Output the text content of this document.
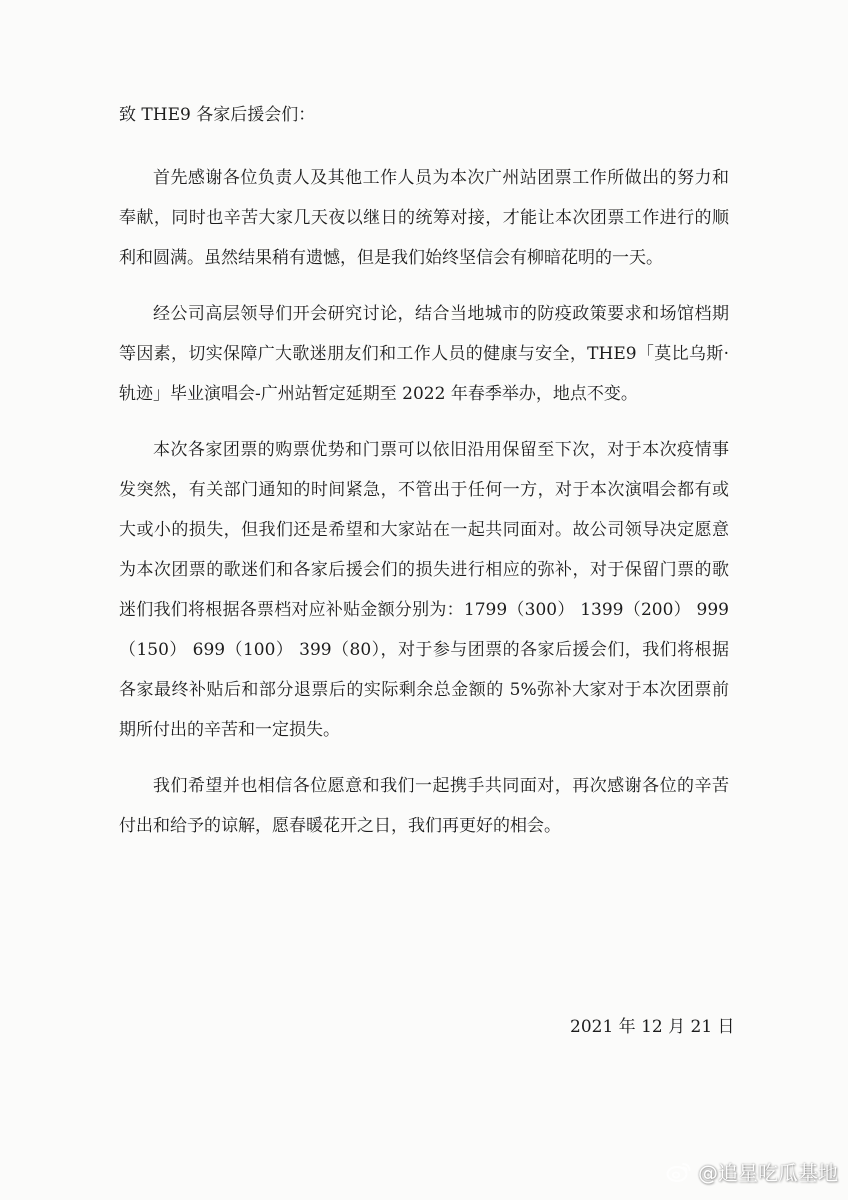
致 THE9 各家后援会们：

首先感谢各位负责人及其他工作人员为本次广州站团票工作所做出的努力和奉献，同时也辛苦大家几天夜以继日的统筹对接，才能让本次团票工作进行的顺利和圆满。虽然结果稍有遗憾，但是我们始终坚信会有柳暗花明的一天。

经公司高层领导们开会研究讨论，结合当地城市的防疫政策要求和场馆档期等因素，切实保障广大歌迷朋友们和工作人员的健康与安全，THE9「莫比乌斯·轨迹」毕业演唱会-广州站暂定延期至 2022 年春季举办，地点不变。

本次各家团票的购票优势和门票可以依旧沿用保留至下次，对于本次疫情事发突然，有关部门通知的时间紧急，不管出于任何一方，对于本次演唱会都有或大或小的损失，但我们还是希望和大家站在一起共同面对。故公司领导决定愿意为本次团票的歌迷们和各家后援会们的损失进行相应的弥补，对于保留门票的歌迷们我们将根据各票档对应补贴金额分别为：1799（300） 1399（200） 999（150） 699（100） 399（80），对于参与团票的各家后援会们，我们将根据各家最终补贴后和部分退票后的实际剩余总金额的 5%弥补大家对于本次团票前期所付出的辛苦和一定损失。

我们希望并也相信各位愿意和我们一起携手共同面对，再次感谢各位的辛苦付出和给予的谅解，愿春暖花开之日，我们再更好的相会。

2021 年 12 月 21 日
@追星吃瓜基地
